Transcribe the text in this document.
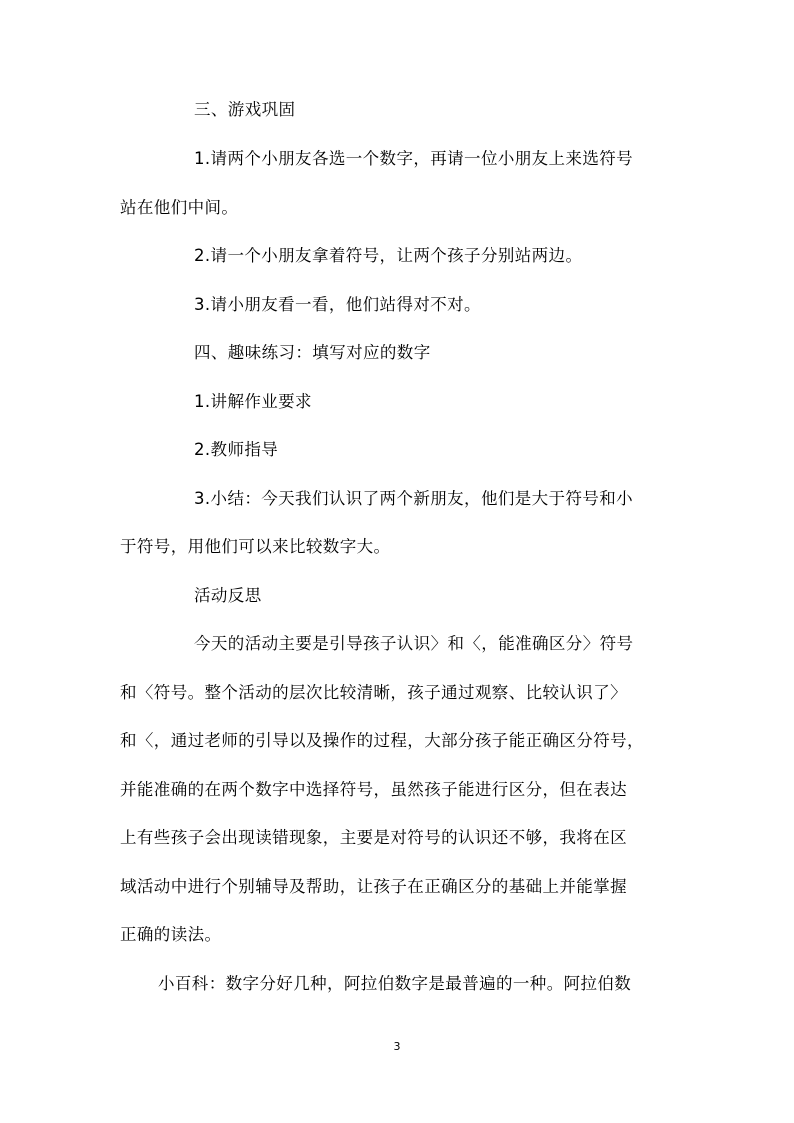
三、游戏巩固
1.请两个小朋友各选一个数字，再请一位小朋友上来选符号
站在他们中间。
2.请一个小朋友拿着符号，让两个孩子分别站两边。
3.请小朋友看一看，他们站得对不对。
四、趣味练习：填写对应的数字
1.讲解作业要求
2.教师指导
3.小结：今天我们认识了两个新朋友，他们是大于符号和小
于符号，用他们可以来比较数字大。
活动反思
今天的活动主要是引导孩子认识〉和〈，能准确区分〉符号
和〈符号。整个活动的层次比较清晰，孩子通过观察、比较认识了〉
和〈，通过老师的引导以及操作的过程，大部分孩子能正确区分符号，
并能准确的在两个数字中选择符号，虽然孩子能进行区分，但在表达
上有些孩子会出现读错现象，主要是对符号的认识还不够，我将在区
域活动中进行个别辅导及帮助，让孩子在正确区分的基础上并能掌握
正确的读法。
小百科：数字分好几种，阿拉伯数字是最普遍的一种。阿拉伯数
3
